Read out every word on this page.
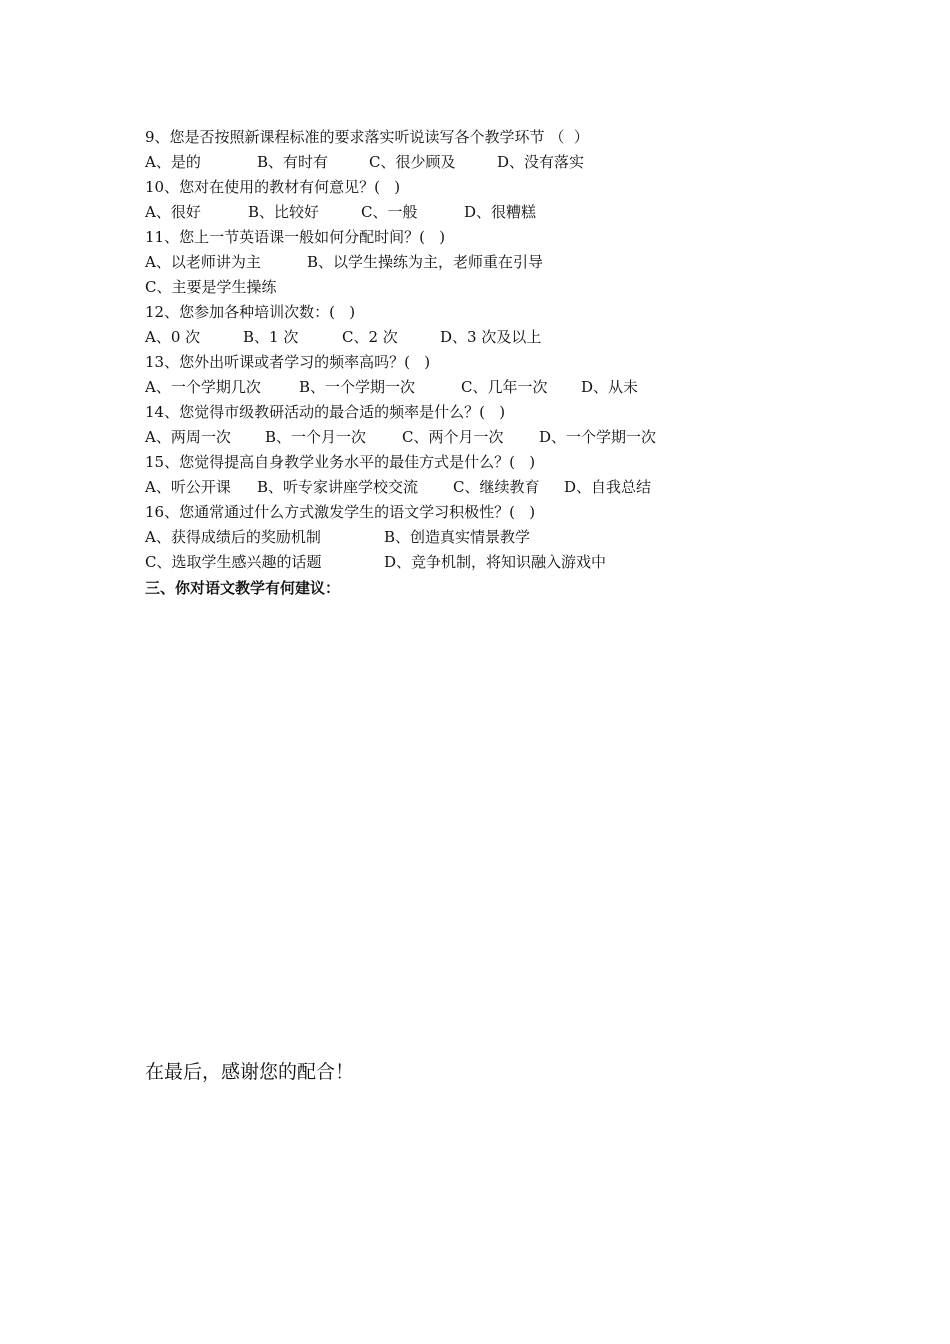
9、您是否按照新课程标准的要求落实听说读写各个教学环节 （  ）
A、是的	B、有时有	C、很少顾及	D、没有落实
10、您对在使用的教材有何意见？(   )
A、很好	B、比较好	C、一般	D、很糟糕
11、您上一节英语课一般如何分配时间？(   )
A、以老师讲为主	B、以学生操练为主，老师重在引导
C、主要是学生操练
12、您参加各种培训次数：(   )
A、0 次	B、1 次	C、2 次	D、3 次及以上
13、您外出听课或者学习的频率高吗？(   )
A、一个学期几次	B、一个学期一次	C、几年一次 D、从未
14、您觉得市级教研活动的最合适的频率是什么？(   )
A、两周一次 B、一个月一次 C、两个月一次 D、一个学期一次
15、您觉得提高自身教学业务水平的最佳方式是什么？(   )
A、听公开课 B、听专家讲座学校交流 C、继续教育 D、自我总结
16、您通常通过什么方式激发学生的语文学习积极性？(   )
A、获得成绩后的奖励机制	B、创造真实情景教学
C、选取学生感兴趣的话题	D、竞争机制，将知识融入游戏中
三、你对语文教学有何建议：
在最后，感谢您的配合！
